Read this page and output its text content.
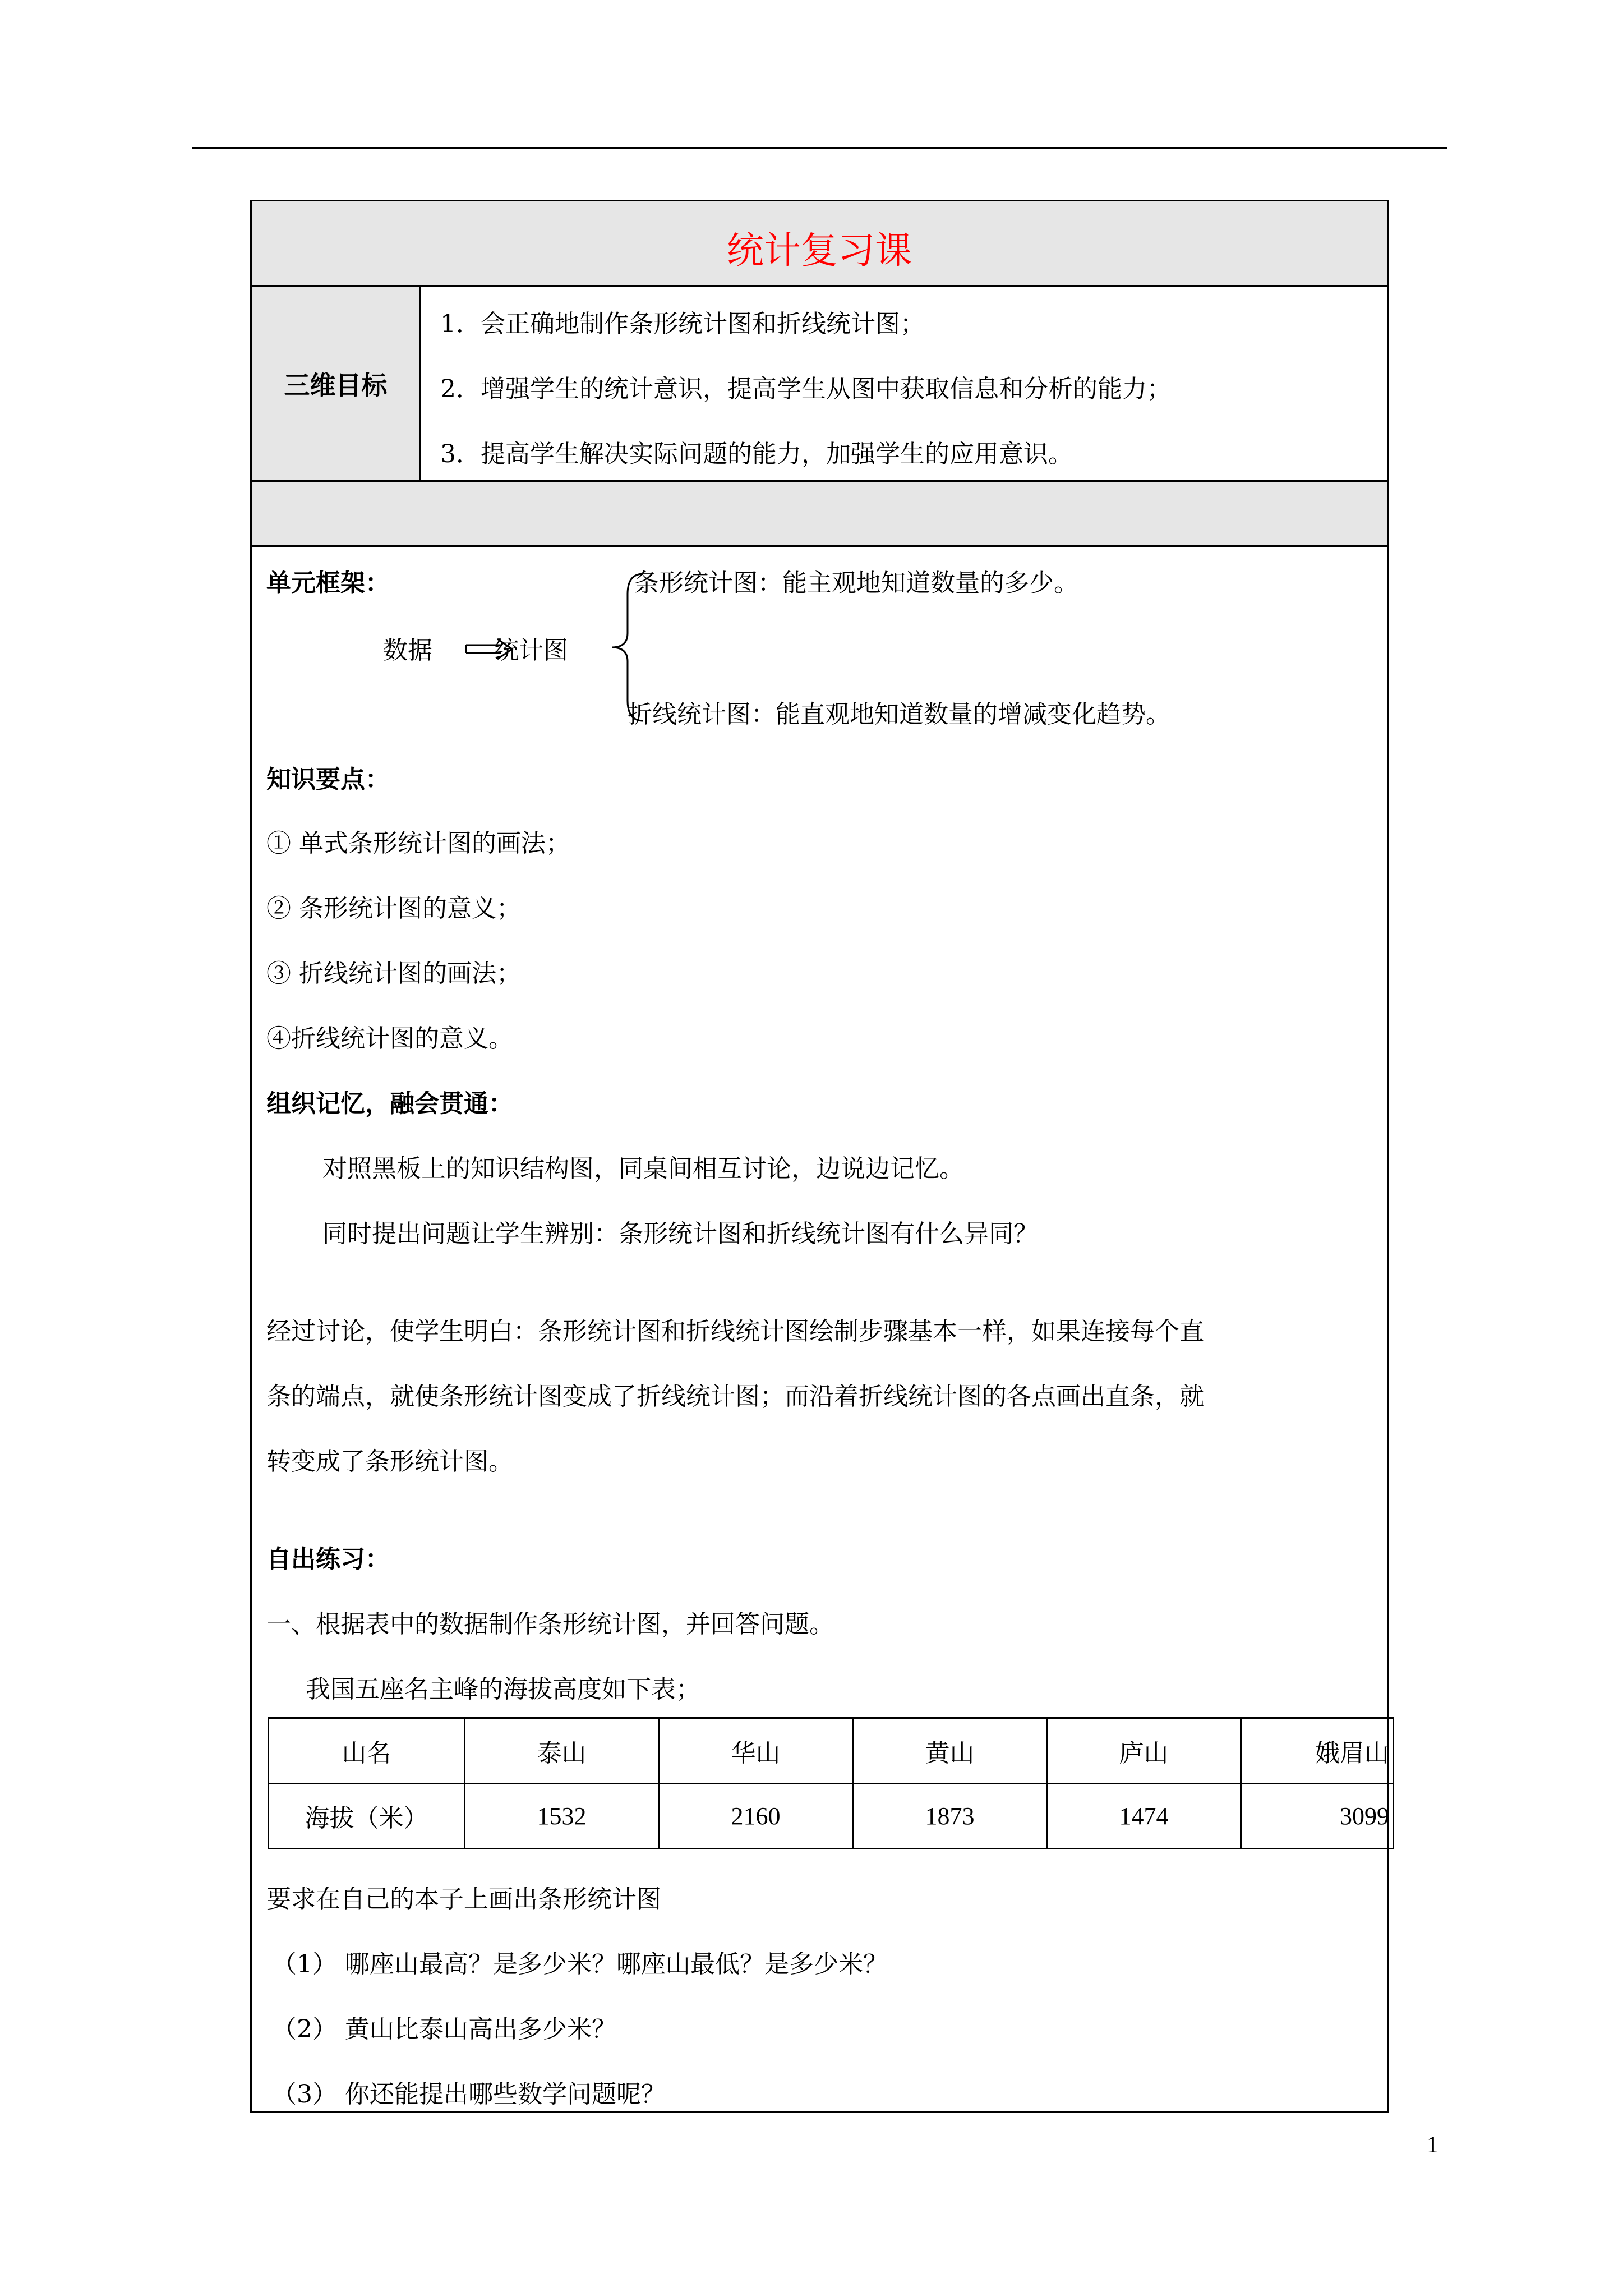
统计复习课
三维目标
1．会正确地制作条形统计图和折线统计图；
2．增强学生的统计意识，提高学生从图中获取信息和分析的能力；
3．提高学生解决实际问题的能力，加强学生的应用意识。
单元框架：
数据	统计图
条形统计图：能主观地知道数量的多少。
折线统计图：能直观地知道数量的增减变化趋势。
知识要点：
① 单式条形统计图的画法；
② 条形统计图的意义；
③ 折线统计图的画法；
④折线统计图的意义。
组织记忆，融会贯通：
对照黑板上的知识结构图，同桌间相互讨论，边说边记忆。
同时提出问题让学生辨别：条形统计图和折线统计图有什么异同？
经过讨论，使学生明白：条形统计图和折线统计图绘制步骤基本一样，如果连接每个直
条的端点，就使条形统计图变成了折线统计图；而沿着折线统计图的各点画出直条，就
转变成了条形统计图。
自出练习：
一、根据表中的数据制作条形统计图，并回答问题。
我国五座名主峰的海拔高度如下表；
山名	泰山	华山	黄山	庐山	娥眉山
海拔（米）	1532	2160	1873	1474	3099
要求在自己的本子上画出条形统计图
（1） 哪座山最高？是多少米？哪座山最低？是多少米？
（2） 黄山比泰山高出多少米？
（3） 你还能提出哪些数学问题呢？
1
